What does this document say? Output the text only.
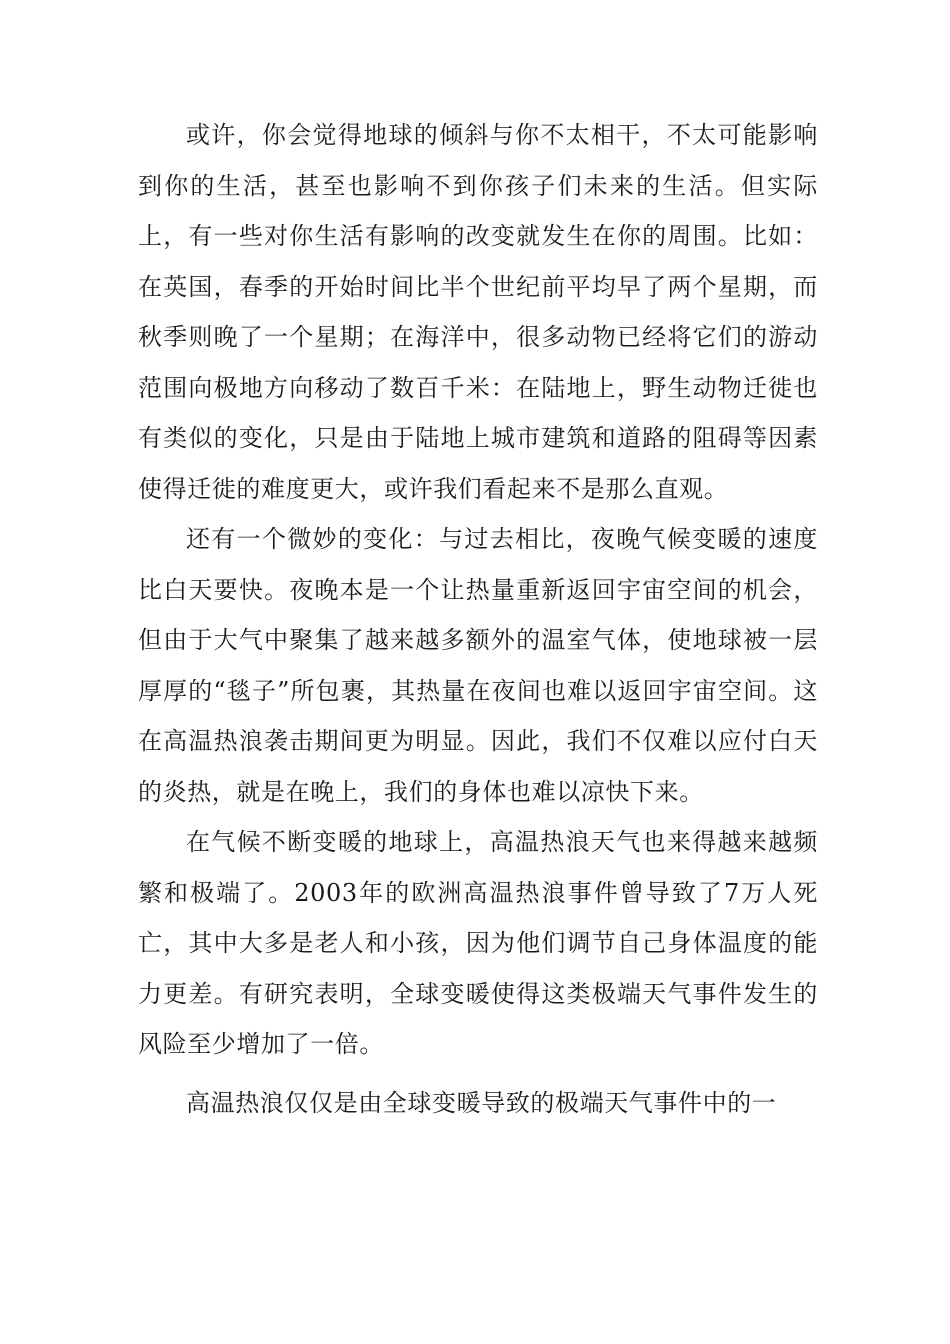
或许，你会觉得地球的倾斜与你不太相干，不太可能影响到你的生活，甚至也影响不到你孩子们未来的生活。但实际上，有一些对你生活有影响的改变就发生在你的周围。比如：在英国，春季的开始时间比半个世纪前平均早了两个星期，而秋季则晚了一个星期；在海洋中，很多动物已经将它们的游动范围向极地方向移动了数百千米：在陆地上，野生动物迁徙也有类似的变化，只是由于陆地上城市建筑和道路的阻碍等因素使得迁徙的难度更大，或许我们看起来不是那么直观。

还有一个微妙的变化：与过去相比，夜晚气候变暖的速度比白天要快。夜晚本是一个让热量重新返回宇宙空间的机会，但由于大气中聚集了越来越多额外的温室气体，使地球被一层厚厚的“毯子”所包裹，其热量在夜间也难以返回宇宙空间。这在高温热浪袭击期间更为明显。因此，我们不仅难以应付白天的炎热，就是在晚上，我们的身体也难以凉快下来。

在气候不断变暖的地球上，高温热浪天气也来得越来越频繁和极端了。2003年的欧洲高温热浪事件曾导致了7万人死亡，其中大多是老人和小孩，因为他们调节自己身体温度的能力更差。有研究表明，全球变暖使得这类极端天气事件发生的风险至少增加了一倍。

高温热浪仅仅是由全球变暖导致的极端天气事件中的一
